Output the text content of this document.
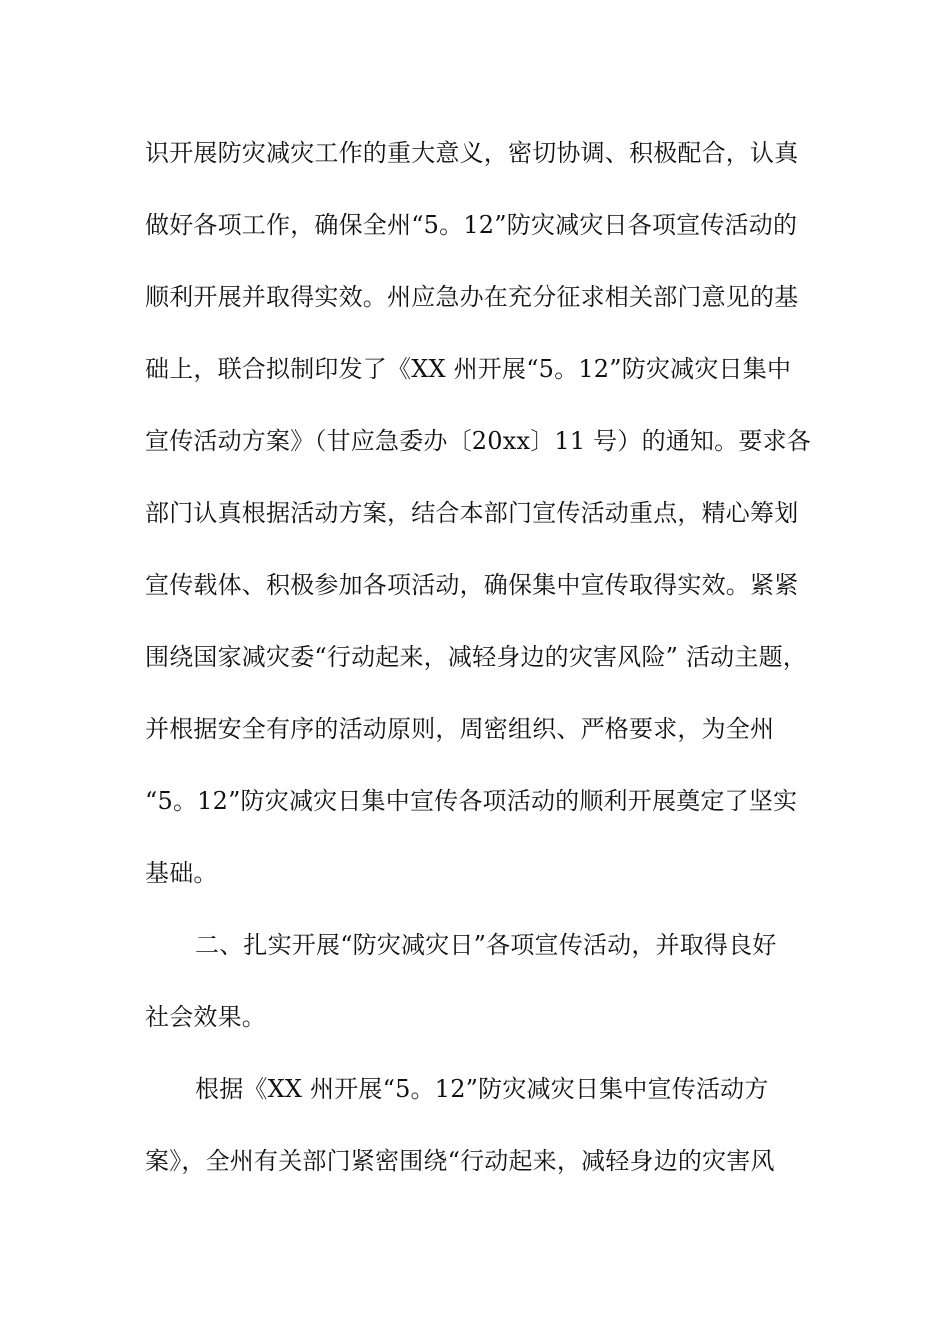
识开展防灾减灾工作的重大意义，密切协调、积极配合，认真
做好各项工作，确保全州“5。12”防灾减灾日各项宣传活动的
顺利开展并取得实效。州应急办在充分征求相关部门意见的基
础上，联合拟制印发了《XX 州开展“5。12”防灾减灾日集中
宣传活动方案》（甘应急委办〔20xx〕11 号）的通知。要求各
部门认真根据活动方案，结合本部门宣传活动重点，精心筹划
宣传载体、积极参加各项活动，确保集中宣传取得实效。紧紧
围绕国家减灾委“行动起来，减轻身边的灾害风险” 活动主题，
并根据安全有序的活动原则，周密组织、严格要求，为全州
“5。12”防灾减灾日集中宣传各项活动的顺利开展奠定了坚实
基础。
二、扎实开展“防灾减灾日”各项宣传活动，并取得良好
社会效果。
根据《XX 州开展“5。12”防灾减灾日集中宣传活动方
案》，全州有关部门紧密围绕“行动起来，减轻身边的灾害风
